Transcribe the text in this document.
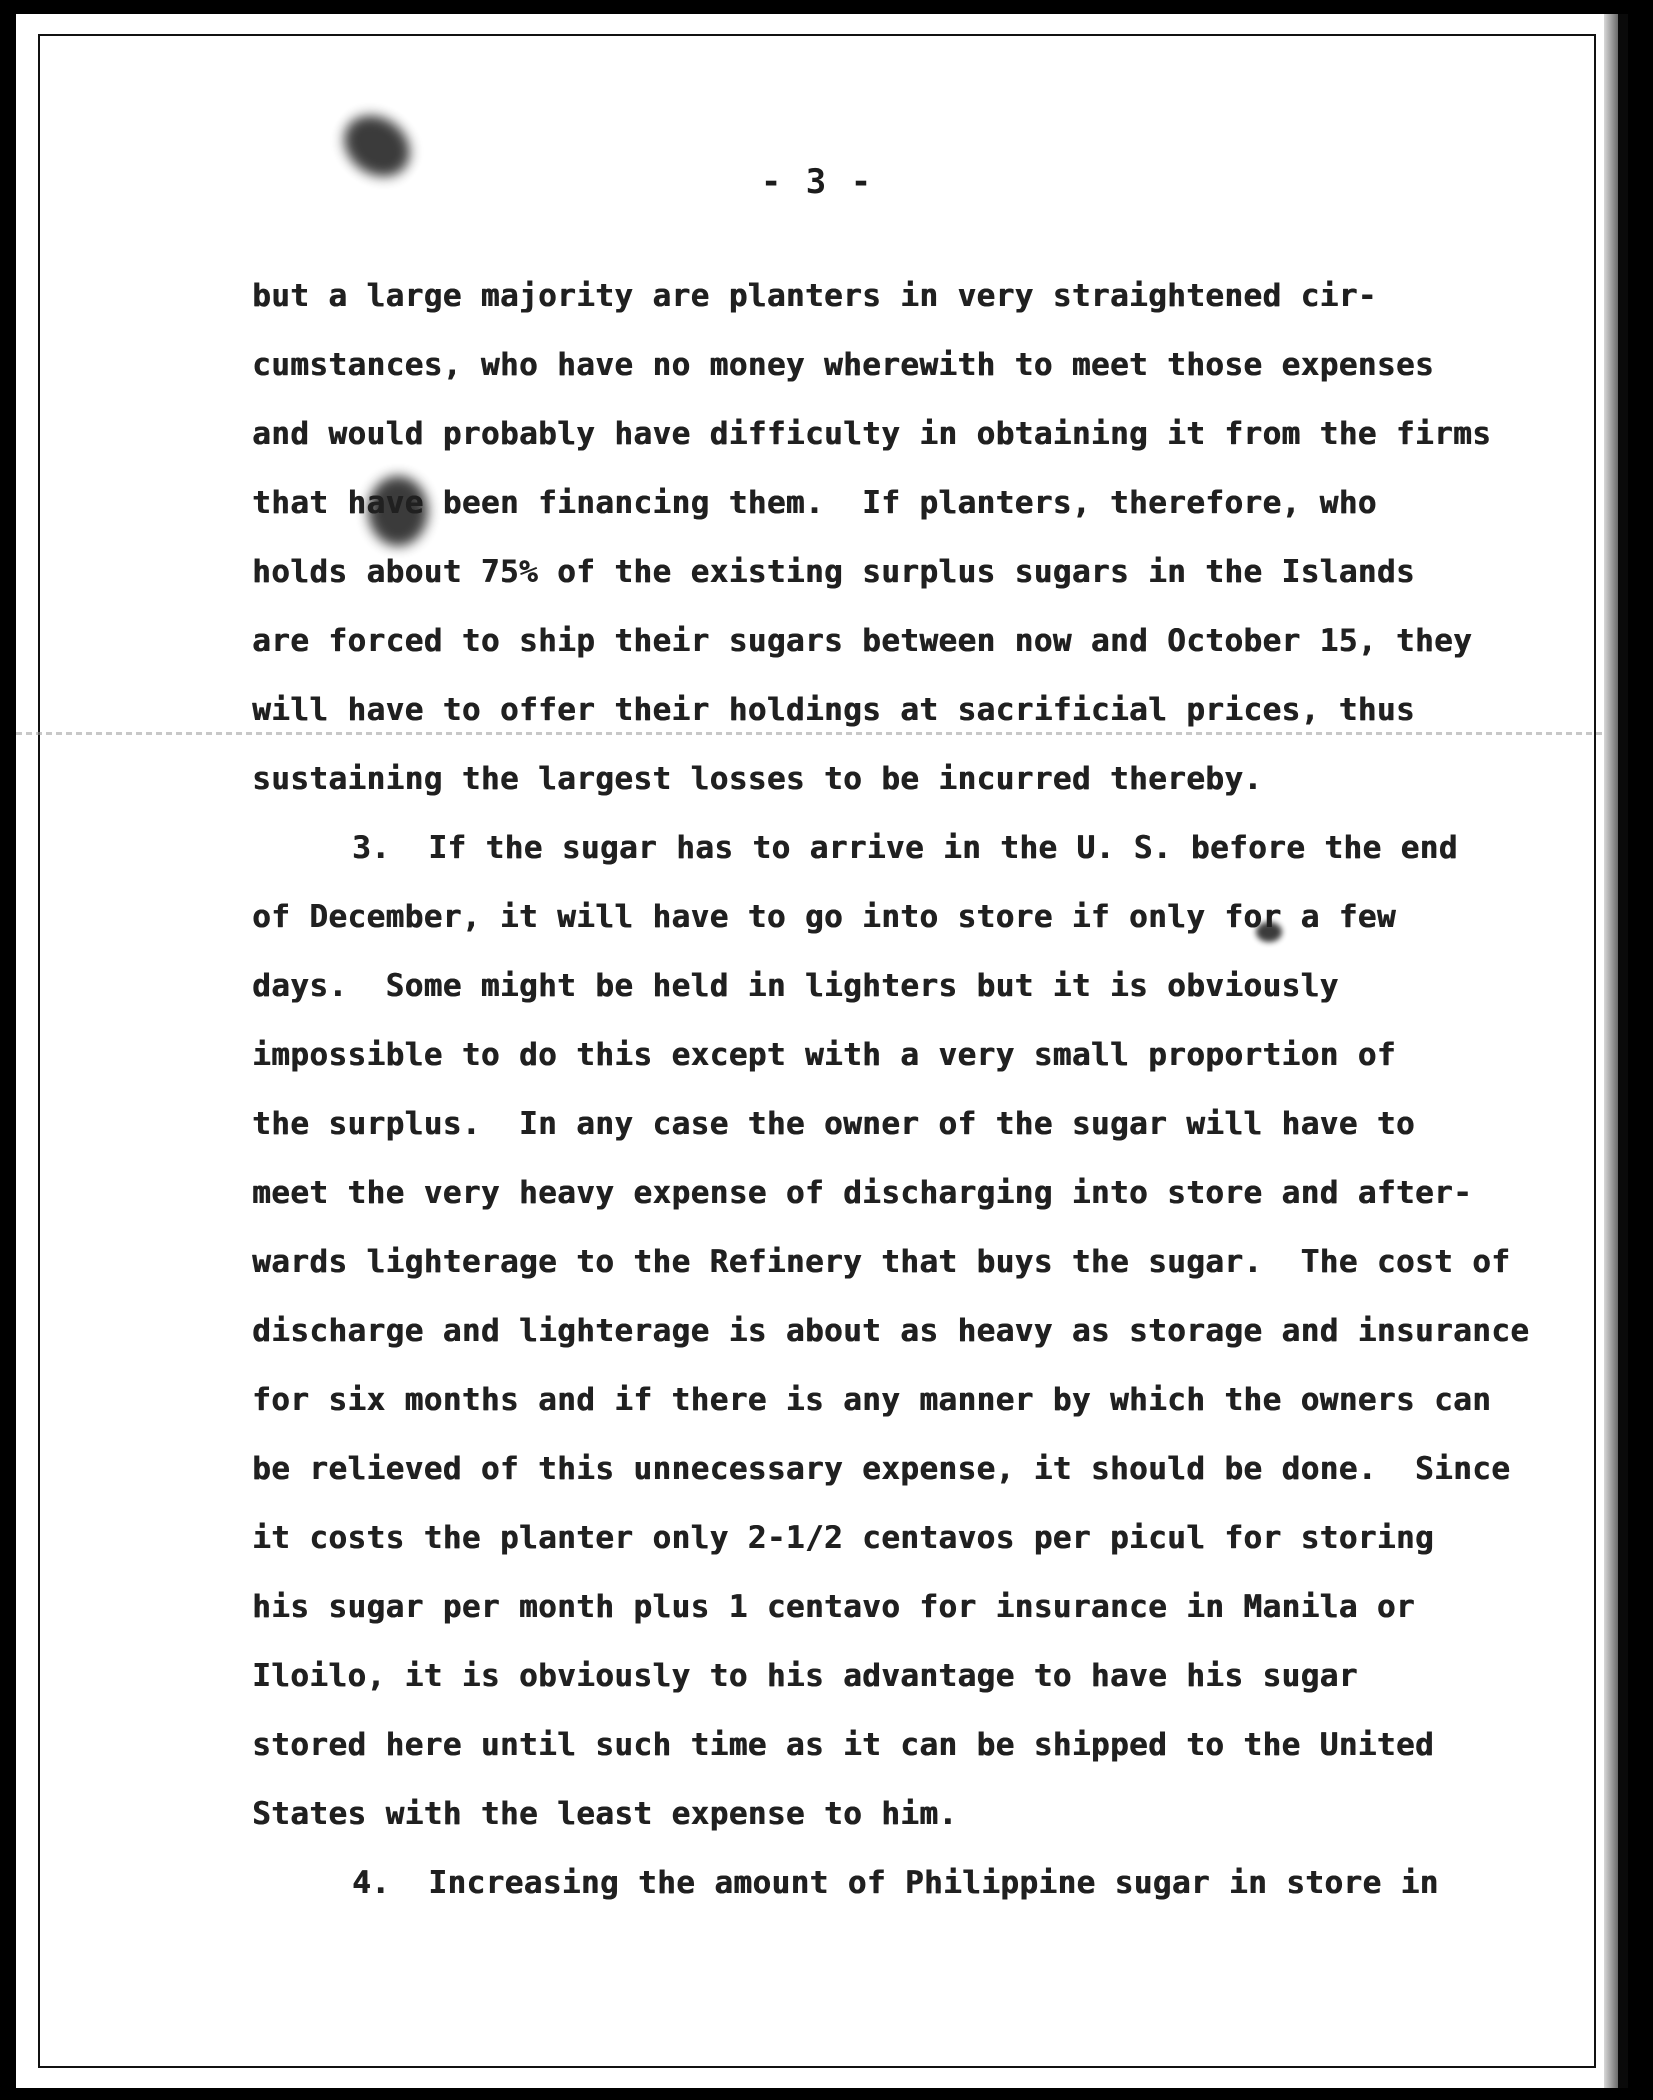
- 3 -
but a large majority are planters in very straightened cir-
cumstances, who have no money wherewith to meet those expenses
and would probably have difficulty in obtaining it from the firms
that have been financing them.  If planters, therefore, who
holds about 75% of the existing surplus sugars in the Islands
are forced to ship their sugars between now and October 15, they
will have to offer their holdings at sacrificial prices, thus
sustaining the largest losses to be incurred thereby.
3.  If the sugar has to arrive in the U. S. before the end
of December, it will have to go into store if only for a few
days.  Some might be held in lighters but it is obviously
impossible to do this except with a very small proportion of
the surplus.  In any case the owner of the sugar will have to
meet the very heavy expense of discharging into store and after-
wards lighterage to the Refinery that buys the sugar.  The cost of
discharge and lighterage is about as heavy as storage and insurance
for six months and if there is any manner by which the owners can
be relieved of this unnecessary expense, it should be done.  Since
it costs the planter only 2-1/2 centavos per picul for storing
his sugar per month plus 1 centavo for insurance in Manila or
Iloilo, it is obviously to his advantage to have his sugar
stored here until such time as it can be shipped to the United
States with the least expense to him.
4.  Increasing the amount of Philippine sugar in store in
